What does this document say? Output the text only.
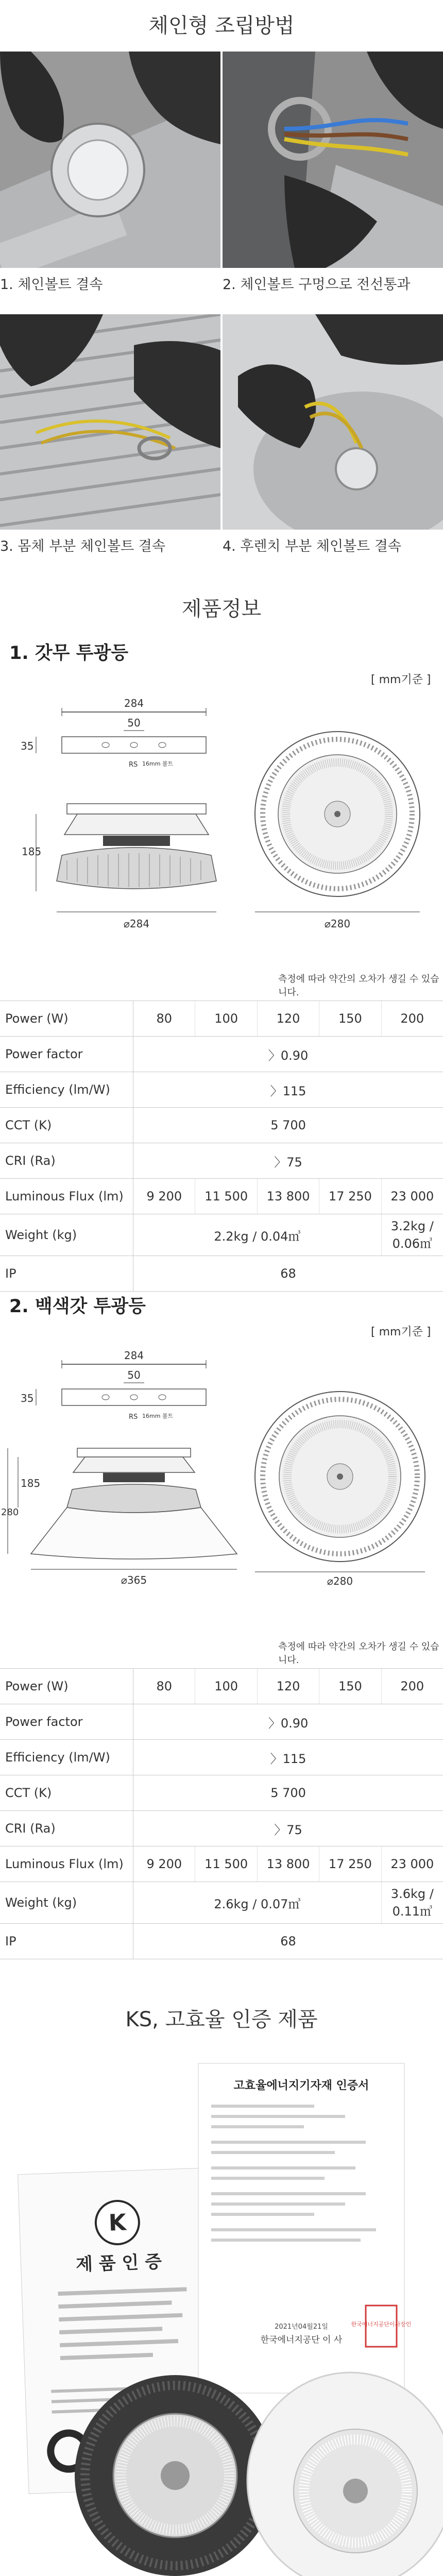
체인형 조립방법
1. 체인볼트 결속	2. 체인볼트 구멍으로 전선통과
3. 몸체 부분 체인볼트 결속	4. 후렌치 부분 체인볼트 결속
제품정보
1. 갓무 투광등
[ mm기준 ]
284
50
35
RS 16mm 볼트
185
⌀284	⌀280
측정에 따라 약간의 오차가 생길 수 있습니다.
Power (W)	80	100	120	150	200
Power factor	〉0.90				
Efficiency (lm/W)	〉115				
CCT (K)	5 700				
CRI (Ra)	〉75				
Luminous Flux (lm)	9 200	11 500	13 800	17 250	23 000
Weight (kg)	2.2kg / 0.04㎥				3.2kg /
0.06㎥

IP	68				
2. 백색갓 투광등
[ mm기준 ]
284
50
35
RS 16mm 볼트
185
280
⌀365	⌀280
측정에 따라 약간의 오차가 생길 수 있습니다.
Power (W)	80	100	120	150	200
Power factor	〉0.90				
Efficiency (lm/W)	〉115				
CCT (K)	5 700				
CRI (Ra)	〉75				
Luminous Flux (lm)	9 200	11 500	13 800	17 250	23 000
Weight (kg)	2.6kg / 0.07㎥				3.6kg /
0.11㎥

IP	68				
KS, 고효율 인증 제품
K
제 품 인 증
고효율에너지기자재 인증서
2021년04월21일
한국에너지공단 이 사
한국에너지공단이사장인
